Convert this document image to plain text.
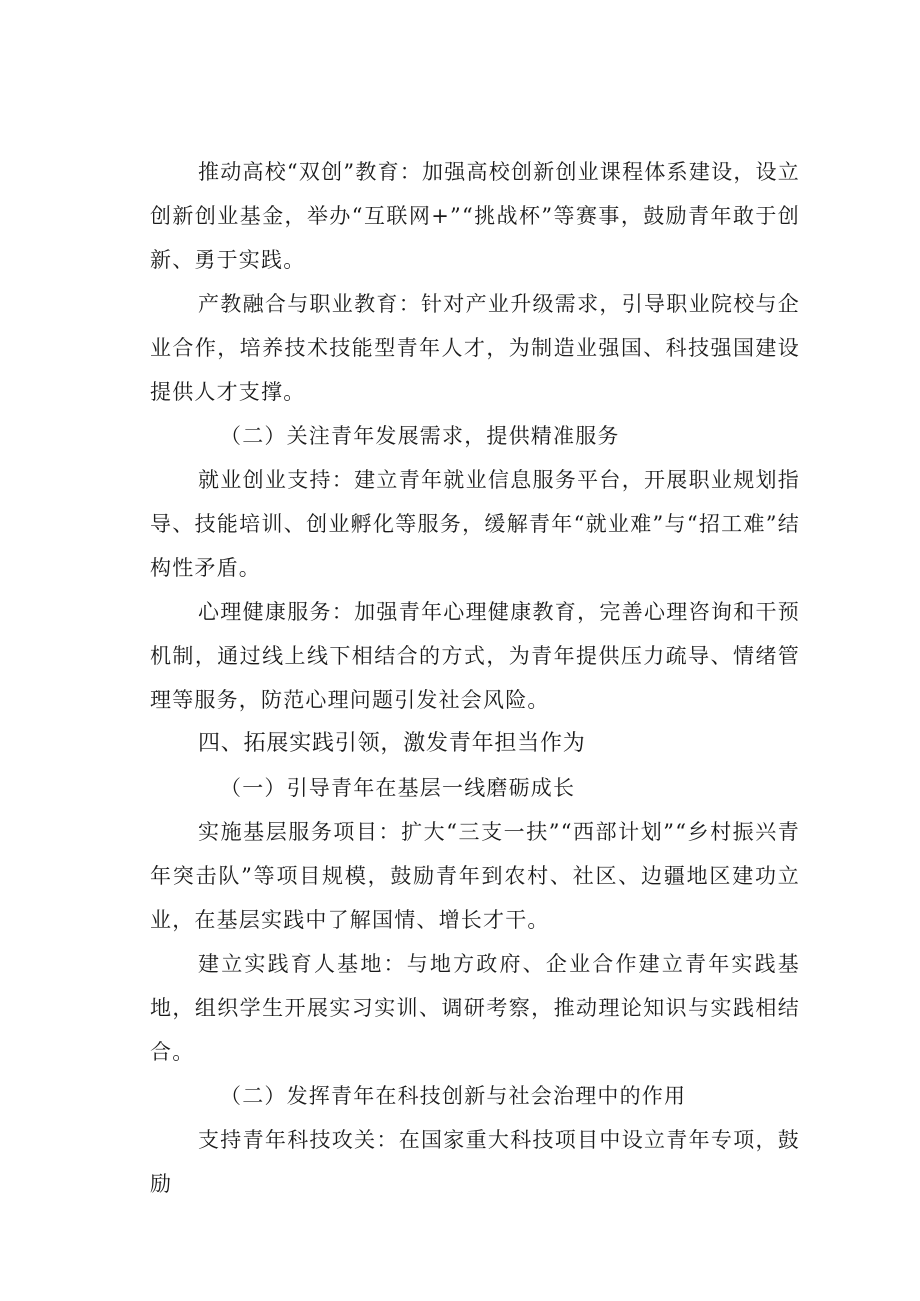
推动高校“双创”教育：加强高校创新创业课程体系建设，设立创新创业基金，举办“互联网+”“挑战杯”等赛事，鼓励青年敢于创新、勇于实践。

产教融合与职业教育：针对产业升级需求，引导职业院校与企业合作，培养技术技能型青年人才，为制造业强国、科技强国建设提供人才支撑。

（二）关注青年发展需求，提供精准服务

就业创业支持：建立青年就业信息服务平台，开展职业规划指导、技能培训、创业孵化等服务，缓解青年“就业难”与“招工难”结构性矛盾。

心理健康服务：加强青年心理健康教育，完善心理咨询和干预机制，通过线上线下相结合的方式，为青年提供压力疏导、情绪管理等服务，防范心理问题引发社会风险。

四、拓展实践引领，激发青年担当作为

（一）引导青年在基层一线磨砺成长

实施基层服务项目：扩大“三支一扶”“西部计划”“乡村振兴青年突击队”等项目规模，鼓励青年到农村、社区、边疆地区建功立业，在基层实践中了解国情、增长才干。

建立实践育人基地：与地方政府、企业合作建立青年实践基地，组织学生开展实习实训、调研考察，推动理论知识与实践相结合。

（二）发挥青年在科技创新与社会治理中的作用

支持青年科技攻关：在国家重大科技项目中设立青年专项，鼓励
